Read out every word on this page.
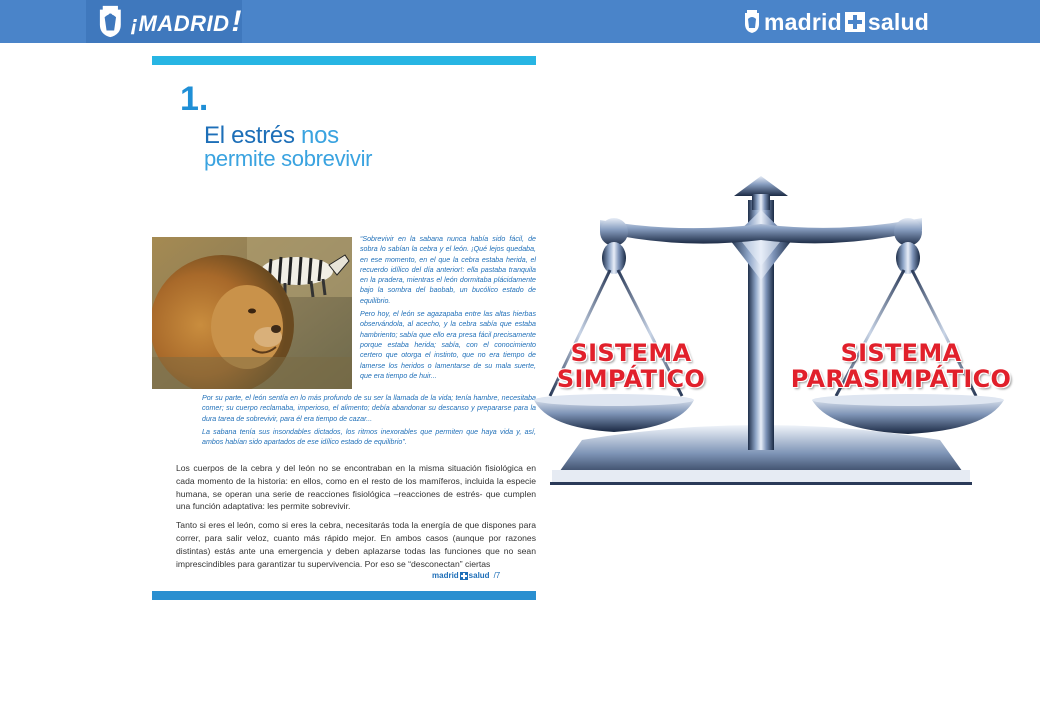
¡MADRID !	madrid salud
1.
El estrés nos
permite sobrevivir

“Sobrevivir en la sabana nunca había sido fácil, de sobra lo sabían la cebra y el león. ¡Qué lejos quedaba, en ese momento, en el que la cebra estaba herida, el recuerdo idílico del día anterior!: ella pastaba tranquila en la pradera, mientras el león dormitaba plácidamente bajo la sombra del baobab, un bucólico estado de equilibrio.

Pero hoy, el león se agazapaba entre las altas hierbas observándola, al acecho, y la cebra sabía que estaba hambriento; sabía que ello era presa fácil precisamente porque estaba herida; sabía, con el conocimiento certero que otorga el instinto, que no era tiempo de lamerse los heridos o lamentarse de su mala suerte, que era tiempo de huir...

Por su parte, el león sentía en lo más profundo de su ser la llamada de la vida; tenía hambre, necesitaba comer; su cuerpo reclamaba, imperioso, el alimento; debía abandonar su descanso y prepararse para la dura tarea de sobrevivir, para él era tiempo de cazar...

La sabana tenía sus insondables dictados, los ritmos inexorables que permiten que haya vida y, así, ambos habían sido apartados de ese idílico estado de equilibrio”.

Los cuerpos de la cebra y del león no se encontraban en la misma situación fisiológica en cada momento de la historia: en ellos, como en el resto de los mamíferos, incluida la especie humana, se operan una serie de reacciones fisiológica –reacciones de estrés- que cumplen una función adaptativa: les permite sobrevivir.

Tanto si eres el león, como si eres la cebra, necesitarás toda la energía de que dispones para correr, para salir veloz, cuanto más rápido mejor. En ambos casos (aunque por razones distintas) estás ante una emergencia y deben aplazarse todas las funciones que no sean imprescindibles para garantizar tu supervivencia. Por eso se “desconectan” ciertas

madrid salud /7
SISTEMA
SIMPÁTICO
SISTEMA
PARASIMPÁTICO
